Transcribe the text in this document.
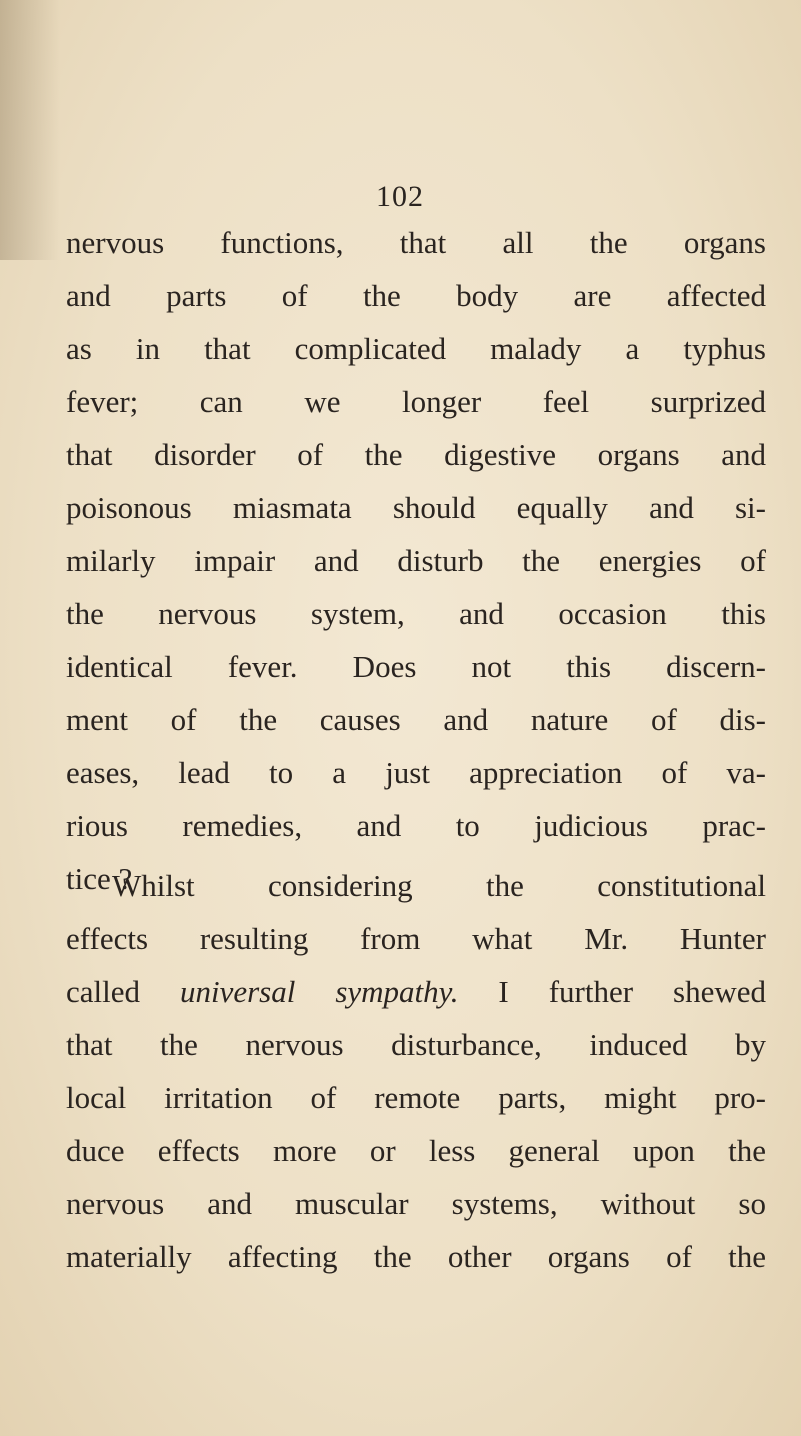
102
nervous functions, that all the organs
and parts of the body are affected
as in that complicated malady a typhus
fever; can we longer feel surprized
that disorder of the digestive organs and
poisonous miasmata should equally and si-
milarly impair and disturb the energies of
the nervous system, and occasion this
identical fever. Does not this discern-
ment of the causes and nature of dis-
eases, lead to a just appreciation of va-
rious remedies, and to judicious prac-
tice ?
Whilst considering the constitutional
effects resulting from what Mr. Hunter
called universal sympathy. I further shewed
that the nervous disturbance, induced by
local irritation of remote parts, might pro-
duce effects more or less general upon the
nervous and muscular systems, without so
materially affecting the other organs of the
